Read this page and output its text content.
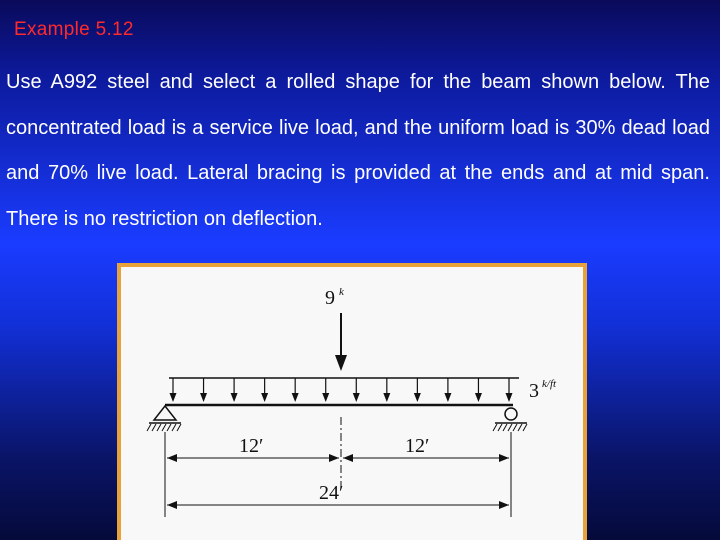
Example 5.12

Use A992 steel and select a rolled shape for the beam shown below. The concentrated load is a service live load, and the uniform load is 30% dead load and 70% live load. Lateral bracing is provided at the ends and at mid span. There is no restriction on deflection.

9 k
3 k/ft
12′	12′
24′
